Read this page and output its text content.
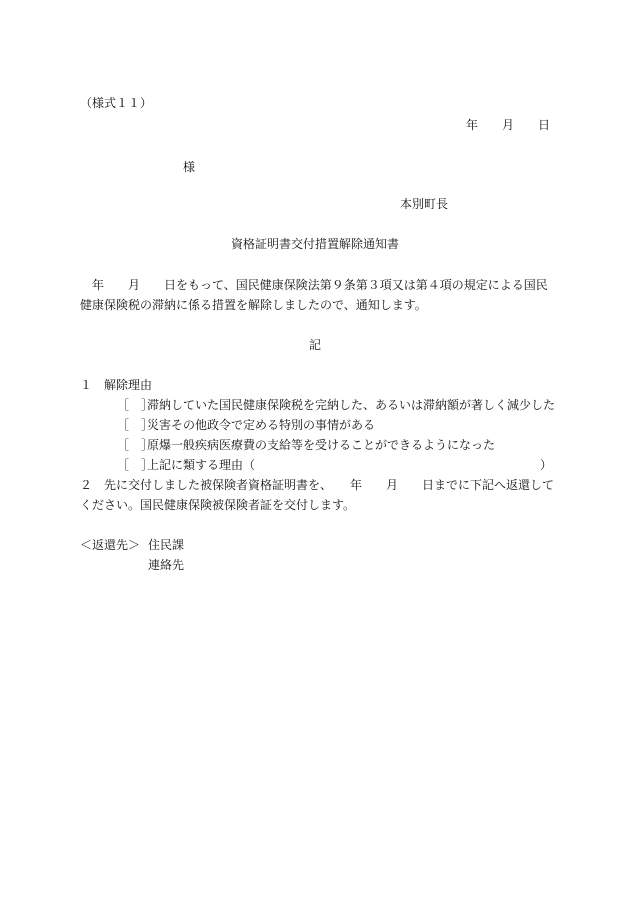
（様式１１）

年　　月　　日

様

本別町長

資格証明書交付措置解除通知書

　年　　月　　日をもって、国民健康保険法第９条第３項又は第４項の規定による国民

健康保険税の滞納に係る措置を解除しましたので、通知します。

記

１　解除理由

［　］

滞納していた国民健康保険税を完納した、あるいは滞納額が著しく減少した

［　］

災害その他政令で定める特別の事情がある

［　］

原爆一般疾病医療費の支給等を受けることができるようになった

［　］

上記に類する理由（	）

２　先に交付しました被保険者資格証明書を、　　年　　月　　日までに下記へ返還して

ください。国民健康保険被保険者証を交付します。

＜返還先＞ 住民課

連絡先
